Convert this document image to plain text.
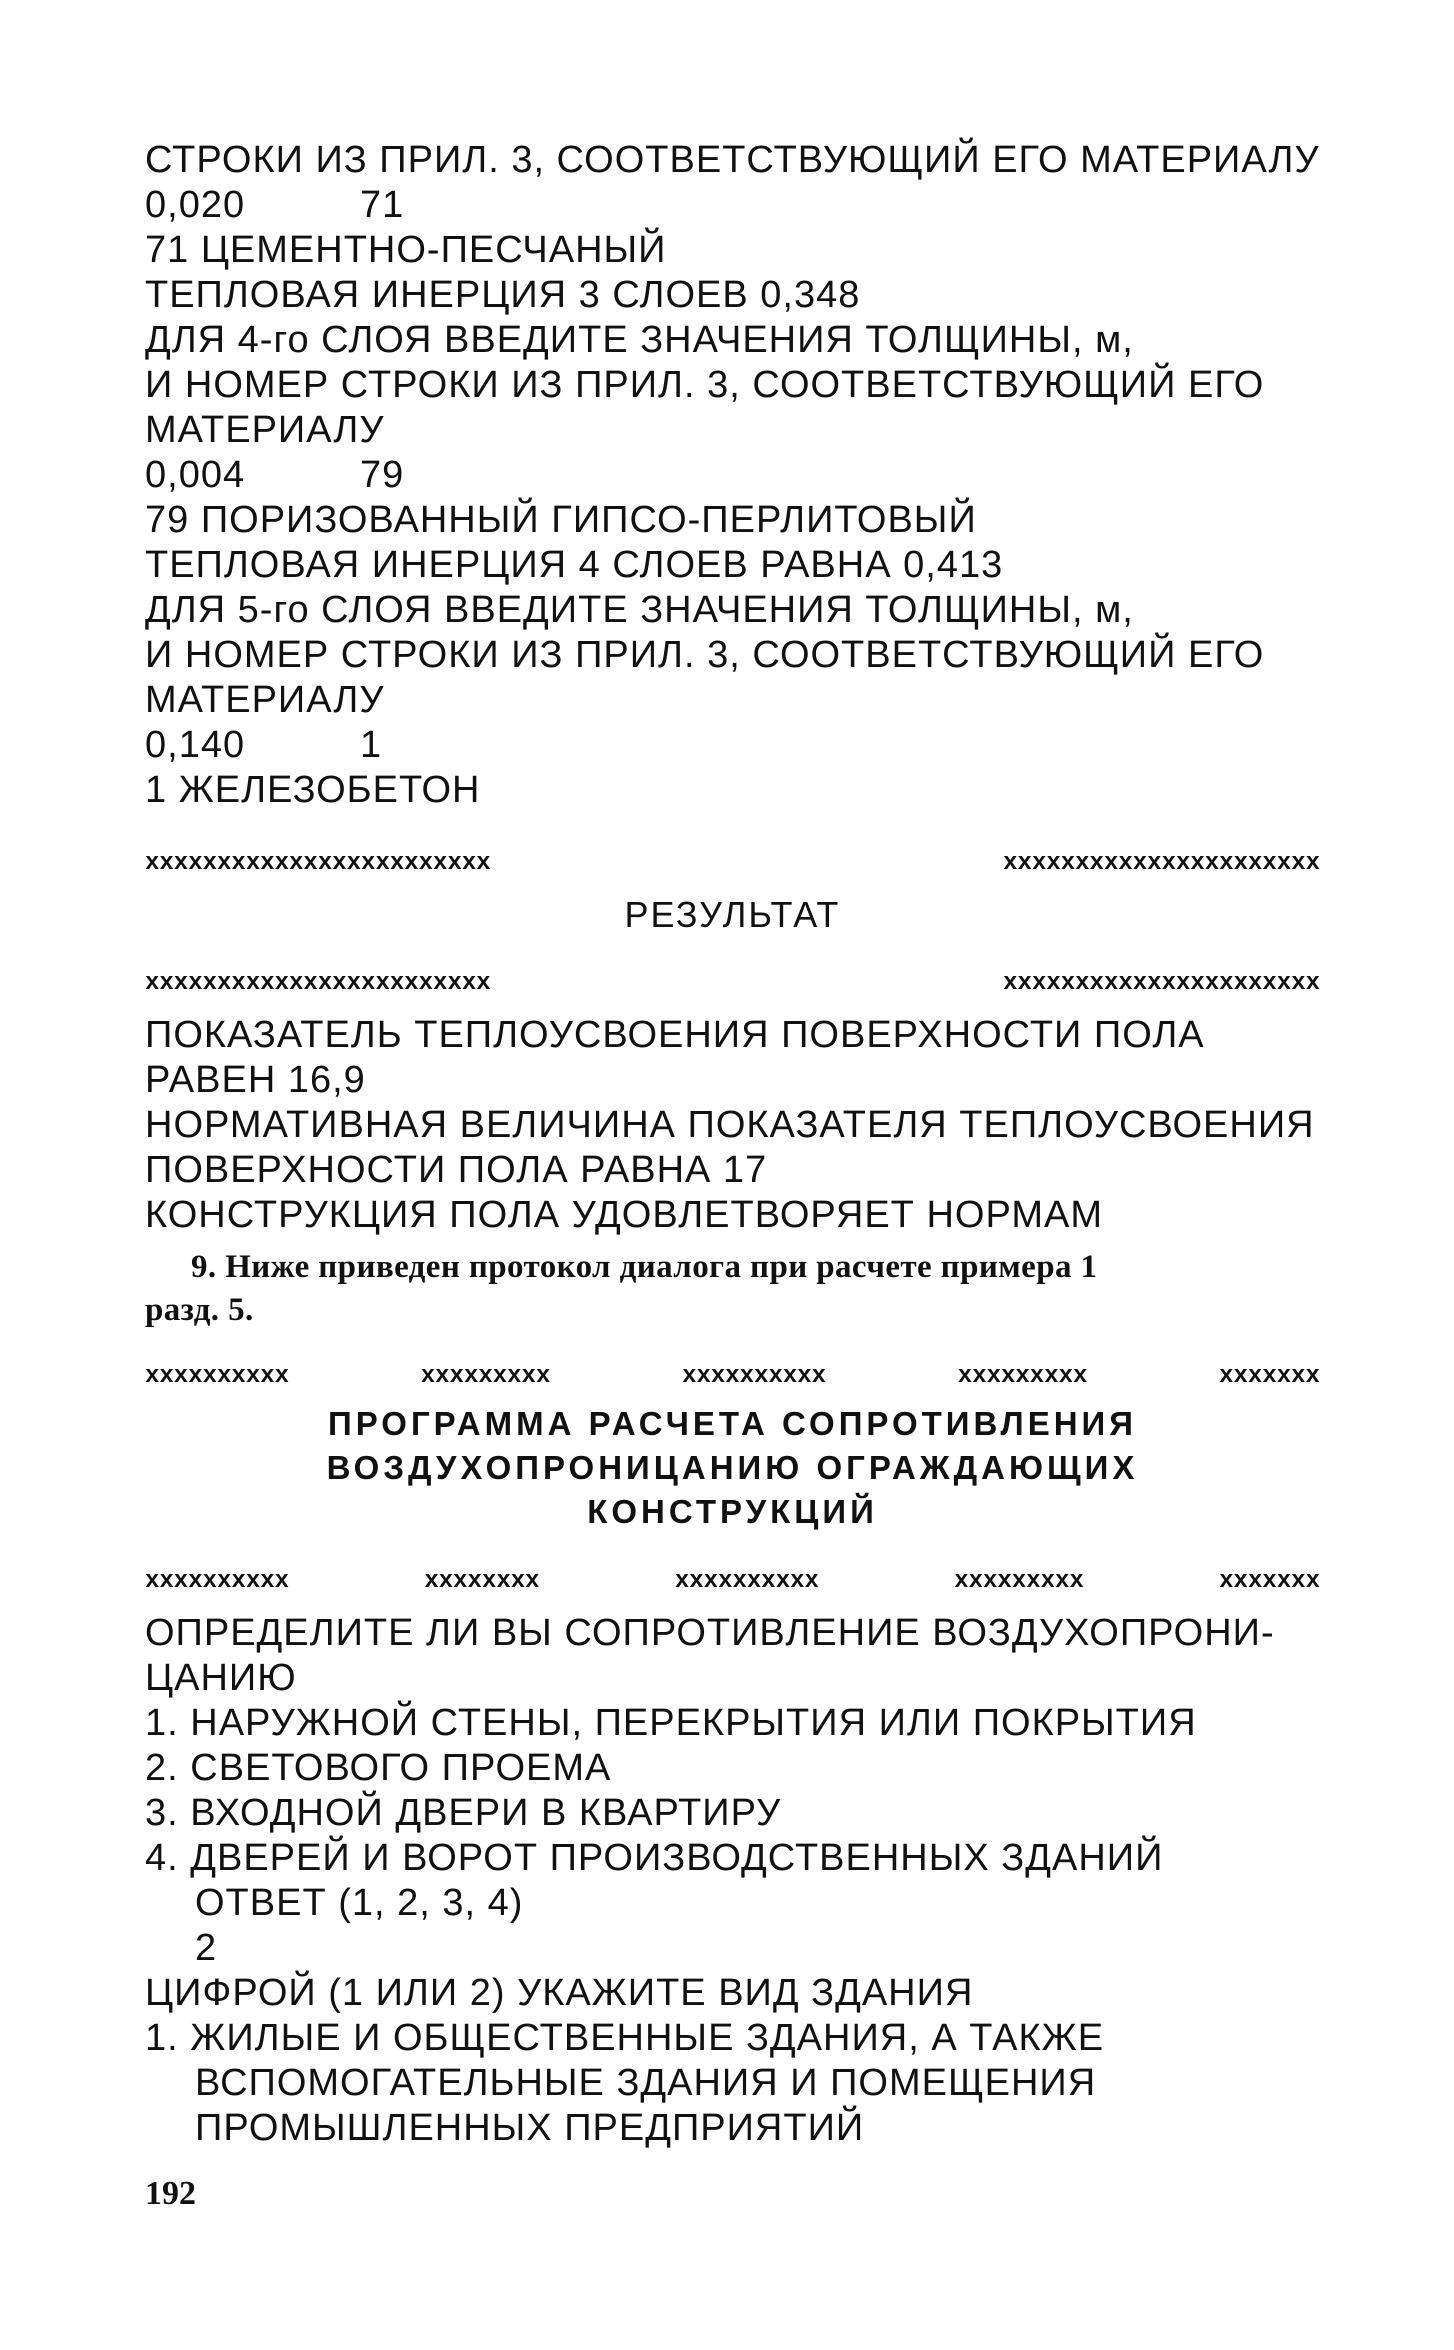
СТРОКИ ИЗ ПРИЛ. 3, СООТВЕТСТВУЮЩИЙ ЕГО МАТЕРИАЛУ
0,020	71
71 ЦЕМЕНТНО-ПЕСЧАНЫЙ
ТЕПЛОВАЯ ИНЕРЦИЯ 3 СЛОЕВ 0,348
ДЛЯ 4-го СЛОЯ ВВЕДИТЕ ЗНАЧЕНИЯ ТОЛЩИНЫ, м,
И НОМЕР СТРОКИ ИЗ ПРИЛ. 3, СООТВЕТСТВУЮЩИЙ ЕГО
МАТЕРИАЛУ
0,004	79
79 ПОРИЗОВАННЫЙ ГИПСО-ПЕРЛИТОВЫЙ
ТЕПЛОВАЯ ИНЕРЦИЯ 4 СЛОЕВ РАВНА 0,413
ДЛЯ 5-го СЛОЯ ВВЕДИТЕ ЗНАЧЕНИЯ ТОЛЩИНЫ, м,
И НОМЕР СТРОКИ ИЗ ПРИЛ. 3, СООТВЕТСТВУЮЩИЙ ЕГО
МАТЕРИАЛУ
0,140	1
1 ЖЕЛЕЗОБЕТОН
xxxxxxxxxxxxxxxxxxxxxxxx	xxxxxxxxxxxxxxxxxxxxxx
РЕЗУЛЬТАТ
xxxxxxxxxxxxxxxxxxxxxxxx	xxxxxxxxxxxxxxxxxxxxxx
ПОКАЗАТЕЛЬ ТЕПЛОУСВОЕНИЯ ПОВЕРХНОСТИ ПОЛА
РАВЕН 16,9
НОРМАТИВНАЯ ВЕЛИЧИНА ПОКАЗАТЕЛЯ ТЕПЛОУСВОЕНИЯ
ПОВЕРХНОСТИ ПОЛА РАВНА 17
КОНСТРУКЦИЯ ПОЛА УДОВЛЕТВОРЯЕТ НОРМАМ
9. Ниже приведен протокол диалога при расчете примера 1
разд. 5.
xxxxxxxxxx	xxxxxxxxx	xxxxxxxxxx	xxxxxxxxx	xxxxxxx
ПРОГРАММА РАСЧЕТА СОПРОТИВЛЕНИЯ
ВОЗДУХОПРОНИЦАНИЮ ОГРАЖДАЮЩИХ
КОНСТРУКЦИЙ
xxxxxxxxxx	xxxxxxxx	xxxxxxxxxx	xxxxxxxxx	xxxxxxx
ОПРЕДЕЛИТЕ ЛИ ВЫ СОПРОТИВЛЕНИЕ ВОЗДУХОПРОНИ-
ЦАНИЮ
1. НАРУЖНОЙ СТЕНЫ, ПЕРЕКРЫТИЯ ИЛИ ПОКРЫТИЯ
2. СВЕТОВОГО ПРОЕМА
3. ВХОДНОЙ ДВЕРИ В КВАРТИРУ
4. ДВЕРЕЙ И ВОРОТ ПРОИЗВОДСТВЕННЫХ ЗДАНИЙ
ОТВЕТ (1, 2, 3, 4)
2
ЦИФРОЙ (1 ИЛИ 2) УКАЖИТЕ ВИД ЗДАНИЯ
1. ЖИЛЫЕ И ОБЩЕСТВЕННЫЕ ЗДАНИЯ, А ТАКЖЕ
ВСПОМОГАТЕЛЬНЫЕ ЗДАНИЯ И ПОМЕЩЕНИЯ
ПРОМЫШЛЕННЫХ ПРЕДПРИЯТИЙ
192
